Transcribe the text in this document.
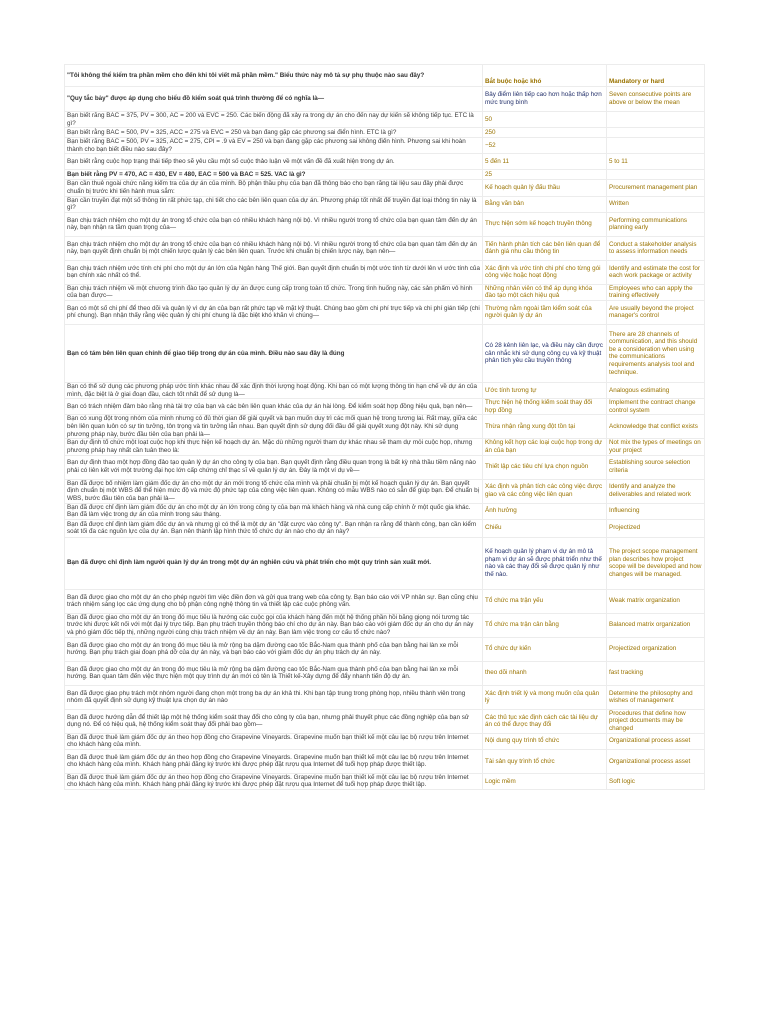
"Tôi không thể kiểm tra phần mềm cho đến khi tôi viết mã phần mềm." Biểu thức này mô tả sự phụ thuộc nào sau đây?	Bắt buộc hoặc khó	Mandatory or hard
"Quy tắc bảy" được áp dụng cho biểu đồ kiểm soát quá trình thường để có nghĩa là—	Bảy điểm liên tiếp cao hơn hoặc thấp hơn mức trung bình	Seven consecutive points are above or below the mean
Bạn biết rằng BAC = 375, PV = 300, AC = 200 và EVC = 250. Các biến động đã xảy ra trong dự án cho đến nay dự kiến sẽ không tiếp tục. ETC là gì?	50	
Bạn biết rằng BAC = 500, PV = 325, ACC = 275 và EVC = 250 và bạn đang gặp các phương sai điển hình. ETC là gì?	250	
Bạn biết rằng BAC = 500, PV = 325, ACC = 275, CPI = .9 và EV = 250 và bạn đang gặp các phương sai không điển hình. Phương sai khi hoàn thành cho bạn biết điều nào sau đây?	−52	
Bạn biết rằng cuộc họp trạng thái tiếp theo sẽ yêu cầu một số cuộc thảo luận về một vấn đề đã xuất hiện trong dự án.	5 đến 11	5 to 11
Bạn biết rằng PV = 470, AC = 430, EV = 480, EAC = 500 và BAC = 525. VAC là gì?	25	
Bạn cần thuê ngoài chức năng kiểm tra của dự án của mình. Bộ phận thầu phụ của bạn đã thông báo cho bạn rằng tài liệu sau đây phải được chuẩn bị trước khi tiến hành mua sắm:	Kế hoạch quản lý đấu thầu	Procurement management plan
Bạn cần truyền đạt một số thông tin rất phức tạp, chi tiết cho các bên liên quan của dự án. Phương pháp tốt nhất để truyền đạt loại thông tin này là gì?	Bằng văn bản	Written
Bạn chịu trách nhiệm cho một dự án trong tổ chức của bạn có nhiều khách hàng nội bộ. Vì nhiều người trong tổ chức của bạn quan tâm đến dự án này, bạn nhận ra tầm quan trọng của—	Thực hiện sớm kế hoạch truyền thông	Performing communications planning early
Bạn chịu trách nhiệm cho một dự án trong tổ chức của bạn có nhiều khách hàng nội bộ. Vì nhiều người trong tổ chức của bạn quan tâm đến dự án này, bạn quyết định chuẩn bị một chiến lược quản lý các bên liên quan. Trước khi chuẩn bị chiến lược này, bạn nên—	Tiến hành phân tích các bên liên quan để đánh giá nhu cầu thông tin	Conduct a stakeholder analysis to assess information needs
Bạn chịu trách nhiệm ước tính chi phí cho một dự án lớn của Ngân hàng Thế giới. Bạn quyết định chuẩn bị một ước tính từ dưới lên vì ước tính của bạn chính xác nhất có thể.	Xác định và ước tính chi phí cho từng gói công việc hoặc hoạt động	Identify and estimate the cost for each work package or activity
Bạn chịu trách nhiệm về một chương trình đào tạo quản lý dự án được cung cấp trong toàn tổ chức. Trong tình huống này, các sản phẩm vô hình của bạn được—	Những nhân viên có thể áp dụng khóa đào tạo một cách hiệu quả	Employees who can apply the training effectively
Bạn có một số chi phí để theo dõi và quản lý vì dự án của bạn rất phức tạp về mặt kỹ thuật. Chúng bao gồm chi phí trực tiếp và chi phí gián tiếp (chi phí chung). Bạn nhận thấy rằng việc quản lý chi phí chung là đặc biệt khó khăn vì chúng—	Thường nằm ngoài tầm kiểm soát của người quản lý dự án	Are usually beyond the project manager's control
Bạn có tám bên liên quan chính để giao tiếp trong dự án của mình. Điều nào sau đây là đúng	Có 28 kênh liên lạc, và điều này cần được cân nhắc khi sử dụng công cụ và kỹ thuật phân tích yêu cầu truyền thông	There are 28 channels of communication, and this should be a consideration when using the communications requirements analysis tool and technique.
Bạn có thể sử dụng các phương pháp ước tính khác nhau để xác định thời lượng hoạt động. Khi bạn có một lượng thông tin hạn chế về dự án của mình, đặc biệt là ở giai đoạn đầu, cách tốt nhất để sử dụng là—	Ước tính tương tự	Analogous estimating
Bạn có trách nhiệm đảm bảo rằng nhà tài trợ của bạn và các bên liên quan khác của dự án hài lòng. Để kiểm soát hợp đồng hiệu quả, bạn nên—	Thực hiện hệ thống kiểm soát thay đổi hợp đồng	Implement the contract change control system
Bạn có xung đột trong nhóm của mình nhưng có đủ thời gian để giải quyết và bạn muốn duy trì các mối quan hệ trong tương lai. Rất may, giữa các bên liên quan luôn có sự tin tưởng, tôn trọng và tin tưởng lẫn nhau. Bạn quyết định sử dụng đối đầu để giải quyết xung đột này. Khi sử dụng phương pháp này, bước đầu tiên của bạn phải là—	Thừa nhận rằng xung đột tồn tại	Acknowledge that conflict exists
Bạn dự định tổ chức một loạt cuộc họp khi thực hiện kế hoạch dự án. Mặc dù những người tham dự khác nhau sẽ tham dự mỗi cuộc họp, nhưng phương pháp hay nhất cần tuân theo là:	Không kết hợp các loại cuộc họp trong dự án của bạn	Not mix the types of meetings on your project
Bạn dự định thao một hợp đồng đảo tạo quản lý dự án cho công ty của bạn. Bạn quyết định rằng điều quan trọng là bất kỳ nhà thầu tiềm năng nào phải có liên kết với một trường đại học lớn cấp chứng chỉ thạc sĩ về quản lý dự án. Đây là một ví dụ về—	Thiết lập các tiêu chí lựa chọn nguồn	Establishing source selection criteria
Bạn đã được bổ nhiệm làm giám đốc dự án cho một dự án mới trong tổ chức của mình và phải chuẩn bị một kế hoạch quản lý dự án. Bạn quyết định chuẩn bị một WBS để thể hiện mức độ và mức độ phức tạp của công việc liên quan. Không có mẫu WBS nào có sẵn để giúp bạn. Để chuẩn bị WBS, bước đầu tiên của bạn phải là—	Xác định và phân tích các công việc được giao và các công việc liên quan	Identify and analyze the deliverables and related work
Bạn đã được chỉ định làm giám đốc dự án cho một dự án lớn trong công ty của bạn mà khách hàng và nhà cung cấp chính ở một quốc gia khác. Bạn đã làm việc trong dự án của mình trong sáu tháng.	Ảnh hưởng	Influencing
Bạn đã được chỉ định làm giám đốc dự án và nhưng gì có thể là một dự án "đặt cược vào công ty". Bạn nhận ra rằng để thành công, bạn cần kiểm soát tối đa các nguồn lực của dự án. Bạn nên thành lập hình thức tổ chức dự án nào cho dự án này?	Chiếu	Projectized
Bạn đã được chỉ định làm người quản lý dự án trong một dự án nghiên cứu và phát triển cho một quy trình sản xuất mới.	Kế hoạch quản lý phạm vi dự án mô tả phạm vi dự án sẽ được phát triển như thế nào và các thay đổi sẽ được quản lý như thế nào.	The project scope management plan describes how project scope will be developed and how changes will be managed.
Bạn đã được giao cho một dự án cho phép người tìm việc điền đơn và gửi qua trang web của công ty. Bạn báo cáo với VP nhân sự. Bạn cũng chịu trách nhiệm sàng lọc các ứng dụng cho bộ phận công nghệ thông tin và thiết lập các cuộc phỏng vấn.	Tổ chức ma trận yếu	Weak matrix organization
Bạn đã được giao cho một dự án trong đó mục tiêu là hướng các cuộc gọi của khách hàng đến một hệ thống phần hồi bằng giọng nói tương tác trước khi được kết nối với một đại lý trực tiếp. Bạn phụ trách truyền thông báo chí cho dự án này. Bạn báo cáo với giám đốc dự án cho dự án này và phó giám đốc tiếp thị, những người cùng chịu trách nhiệm về dự án này. Bạn làm việc trong cơ cấu tổ chức nào?	Tổ chức ma trận cân bằng	Balanced matrix organization
Bạn đã được giao cho một dự án trong đó mục tiêu là mở rộng ba dặm đường cao tốc Bắc-Nam qua thành phố của bạn bằng hai làn xe mỗi hướng. Bạn phụ trách giai đoạn phá dỡ của dự án này, và bạn báo cáo với giám đốc dự án phụ trách dự án này.	Tổ chức dự kiến	Projectized organization
Bạn đã được giao cho một dự án trong đó mục tiêu là mở rộng ba dặm đường cao tốc Bắc-Nam qua thành phố của bạn bằng hai làn xe mỗi hướng. Ban quan tâm đến việc thực hiện một quy trình dự án mới có tên là Thiết kế-Xây dựng để đẩy nhanh tiến độ dự án.	theo dõi nhanh	fast tracking
Bạn đã được giao phụ trách một nhóm người đang chọn một trong ba dự án khả thi. Khi bạn tập trung trong phòng họp, nhiều thành viên trong nhóm đã quyết định sử dụng kỹ thuật lựa chọn dự án nào	Xác định triết lý và mong muốn của quản lý	Determine the philosophy and wishes of management
Bạn đã được hướng dẫn để thiết lập một hệ thống kiểm soát thay đổi cho công ty của bạn, nhưng phải thuyết phục các đồng nghiệp của bạn sử dụng nó. Để có hiệu quả, hệ thống kiểm soát thay đổi phải bao gồm—	Các thủ tục xác định cách các tài liệu dự án có thể được thay đổi	Procedures that define how project documents may be changed
Bạn đã được thuê làm giám đốc dự án theo hợp đồng cho Grapevine Vineyards. Grapevine muốn bạn thiết kế một câu lạc bộ rượu trên Internet cho khách hàng của mình.	Nội dung quy trình tổ chức	Organizational process asset
Bạn đã được thuê làm giám đốc dự án theo hợp đồng cho Grapevine Vineyards. Grapevine muốn bạn thiết kế một câu lạc bộ rượu trên Internet cho khách hàng của mình. Khách hàng phải đăng ký trước khi được phép đặt rượu qua Internet để tuổi hợp pháp được thiết lập.	Tài sản quy trình tổ chức	Organizational process asset
Bạn đã được thuê làm giám đốc dự án theo hợp đồng cho Grapevine Vineyards. Grapevine muốn bạn thiết kế một câu lạc bộ rượu trên Internet cho khách hàng của mình. Khách hàng phải đăng ký trước khi được phép đặt rượu qua Internet để tuổi hợp pháp được thiết lập.	Logic mềm	Soft logic
